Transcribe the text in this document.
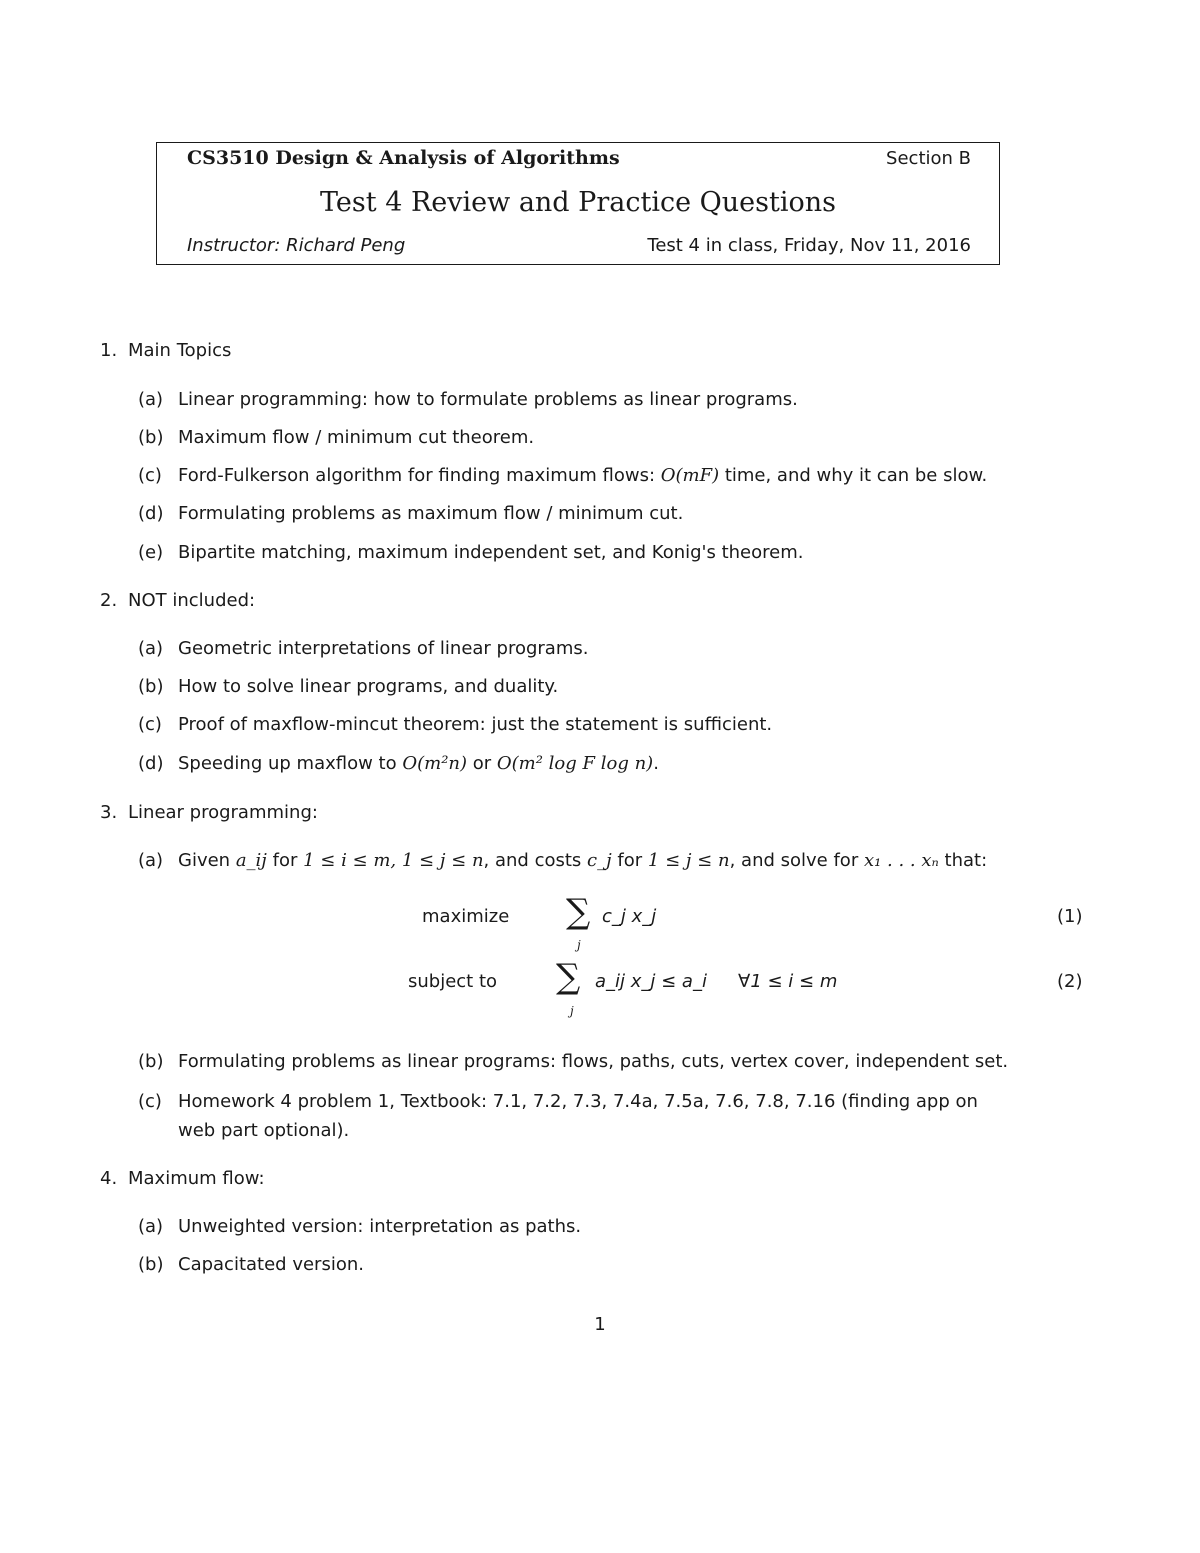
CS3510 Design & Analysis of Algorithms	Section B
Test 4 Review and Practice Questions
Instructor: Richard Peng	Test 4 in class, Friday, Nov 11, 2016
1. Main Topics
(a) Linear programming: how to formulate problems as linear programs.
(b) Maximum flow / minimum cut theorem.
(c) Ford-Fulkerson algorithm for finding maximum flows: O(mF) time, and why it can be slow.
(d) Formulating problems as maximum flow / minimum cut.
(e) Bipartite matching, maximum independent set, and Konig's theorem.
2. NOT included:
(a) Geometric interpretations of linear programs.
(b) How to solve linear programs, and duality.
(c) Proof of maxflow-mincut theorem: just the statement is sufficient.
(d) Speeding up maxflow to O(m²n) or O(m² log F log n).
3. Linear programming:
(a) Given a_ij for 1 ≤ i ≤ m, 1 ≤ j ≤ n, and costs c_j for 1 ≤ j ≤ n, and solve for x₁ . . . xₙ that:
maximize ∑
j
c_j x_j	(1)
subject to ∑
j
a_ij x_j ≤ a_i ∀1 ≤ i ≤ m	(2)
(b) Formulating problems as linear programs: flows, paths, cuts, vertex cover, independent set.
(c) Homework 4 problem 1, Textbook: 7.1, 7.2, 7.3, 7.4a, 7.5a, 7.6, 7.8, 7.16 (finding app on
web part optional).
4. Maximum flow:
(a) Unweighted version: interpretation as paths.
(b) Capacitated version.
1
